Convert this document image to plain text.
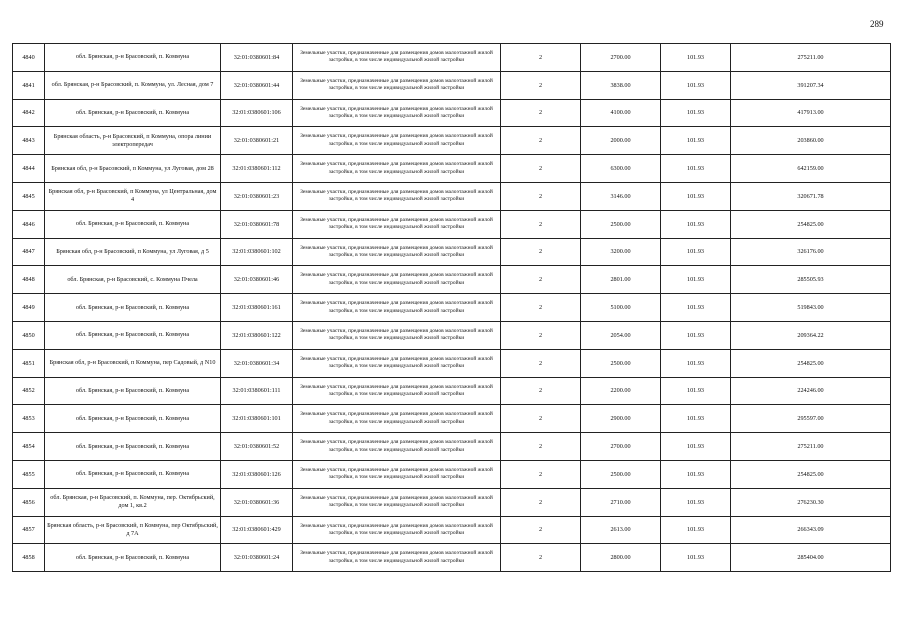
289
4840	обл. Брянская, р-н Брасовский, п. Коммуна	32:01:0380601:84	Земельные участки, предназначенные для размещения домов малоэтажной жилой застройки, в том числе индивидуальной жилой застройки	2	2700.00	101.93	275211.00
4841	обл. Брянская, р-н Брасовский, п. Коммуна, ул. Лесная, дом 7	32:01:0380601:44	Земельные участки, предназначенные для размещения домов малоэтажной жилой застройки, в том числе индивидуальной жилой застройки	2	3838.00	101.93	391207.34
4842	обл. Брянская, р-н Брасовский, п. Коммуна	32:01:0380601:106	Земельные участки, предназначенные для размещения домов малоэтажной жилой застройки, в том числе индивидуальной жилой застройки	2	4100.00	101.93	417913.00
4843	Брянская область, р-н Брасовский, п Коммуна, опора линии электропередач	32:01:0380601:21	Земельные участки, предназначенные для размещения домов малоэтажной жилой застройки, в том числе индивидуальной жилой застройки	2	2000.00	101.93	203860.00
4844	Брянская обл, р-н Брасовский, п Коммуна, ул Луговая, дом 28	32:01:0380601:112	Земельные участки, предназначенные для размещения домов малоэтажной жилой застройки, в том числе индивидуальной жилой застройки	2	6300.00	101.93	642159.00
4845	Брянская обл, р-н Брасовский, п Коммуна, ул Центральная, дом 4	32:01:0380601:23	Земельные участки, предназначенные для размещения домов малоэтажной жилой застройки, в том числе индивидуальной жилой застройки	2	3146.00	101.93	320671.78
4846	обл. Брянская, р-н Брасовский, п. Коммуна	32:01:0380601:78	Земельные участки, предназначенные для размещения домов малоэтажной жилой застройки, в том числе индивидуальной жилой застройки	2	2500.00	101.93	254825.00
4847	Брянская обл, р-н Брасовский, п Коммуна, ул Луговая, д 5	32:01:0380601:102	Земельные участки, предназначенные для размещения домов малоэтажной жилой застройки, в том числе индивидуальной жилой застройки	2	3200.00	101.93	326176.00
4848	обл. Брянская, р-н Брасовский, с. Коммуна Пчела	32:01:0380601:46	Земельные участки, предназначенные для размещения домов малоэтажной жилой застройки, в том числе индивидуальной жилой застройки	2	2801.00	101.93	285505.93
4849	обл. Брянская, р-н Брасовский, п. Коммуна	32:01:0380601:161	Земельные участки, предназначенные для размещения домов малоэтажной жилой застройки, в том числе индивидуальной жилой застройки	2	5100.00	101.93	519843.00
4850	обл. Брянская, р-н Брасовский, п. Коммуна	32:01:0380601:122	Земельные участки, предназначенные для размещения домов малоэтажной жилой застройки, в том числе индивидуальной жилой застройки	2	2054.00	101.93	209364.22
4851	Брянская обл, р-н Брасовский, п Коммуна, пер Садовый, д N10	32:01:0380601:34	Земельные участки, предназначенные для размещения домов малоэтажной жилой застройки, в том числе индивидуальной жилой застройки	2	2500.00	101.93	254825.00
4852	обл. Брянская, р-н Брасовский, п. Коммуна	32:01:0380601:111	Земельные участки, предназначенные для размещения домов малоэтажной жилой застройки, в том числе индивидуальной жилой застройки	2	2200.00	101.93	224246.00
4853	обл. Брянская, р-н Брасовский, п. Коммуна	32:01:0380601:101	Земельные участки, предназначенные для размещения домов малоэтажной жилой застройки, в том числе индивидуальной жилой застройки	2	2900.00	101.93	295597.00
4854	обл. Брянская, р-н Брасовский, п. Коммуна	32:01:0380601:52	Земельные участки, предназначенные для размещения домов малоэтажной жилой застройки, в том числе индивидуальной жилой застройки	2	2700.00	101.93	275211.00
4855	обл. Брянская, р-н Брасовский, п. Коммуна	32:01:0380601:126	Земельные участки, предназначенные для размещения домов малоэтажной жилой застройки, в том числе индивидуальной жилой застройки	2	2500.00	101.93	254825.00
4856	обл. Брянская, р-н Брасовский, п. Коммуна, пер. Октябрьский, дом 1, кв.2	32:01:0380601:36	Земельные участки, предназначенные для размещения домов малоэтажной жилой застройки, в том числе индивидуальной жилой застройки	2	2710.00	101.93	276230.30
4857	Брянская область, р-н Брасовский, п Коммуна, пер Октябрьский, д 7А	32:01:0380601:429	Земельные участки, предназначенные для размещения домов малоэтажной жилой застройки, в том числе индивидуальной жилой застройки	2	2613.00	101.93	266343.09
4858	обл. Брянская, р-н Брасовский, п. Коммуна	32:01:0380601:24	Земельные участки, предназначенные для размещения домов малоэтажной жилой застройки, в том числе индивидуальной жилой застройки	2	2800.00	101.93	285404.00
